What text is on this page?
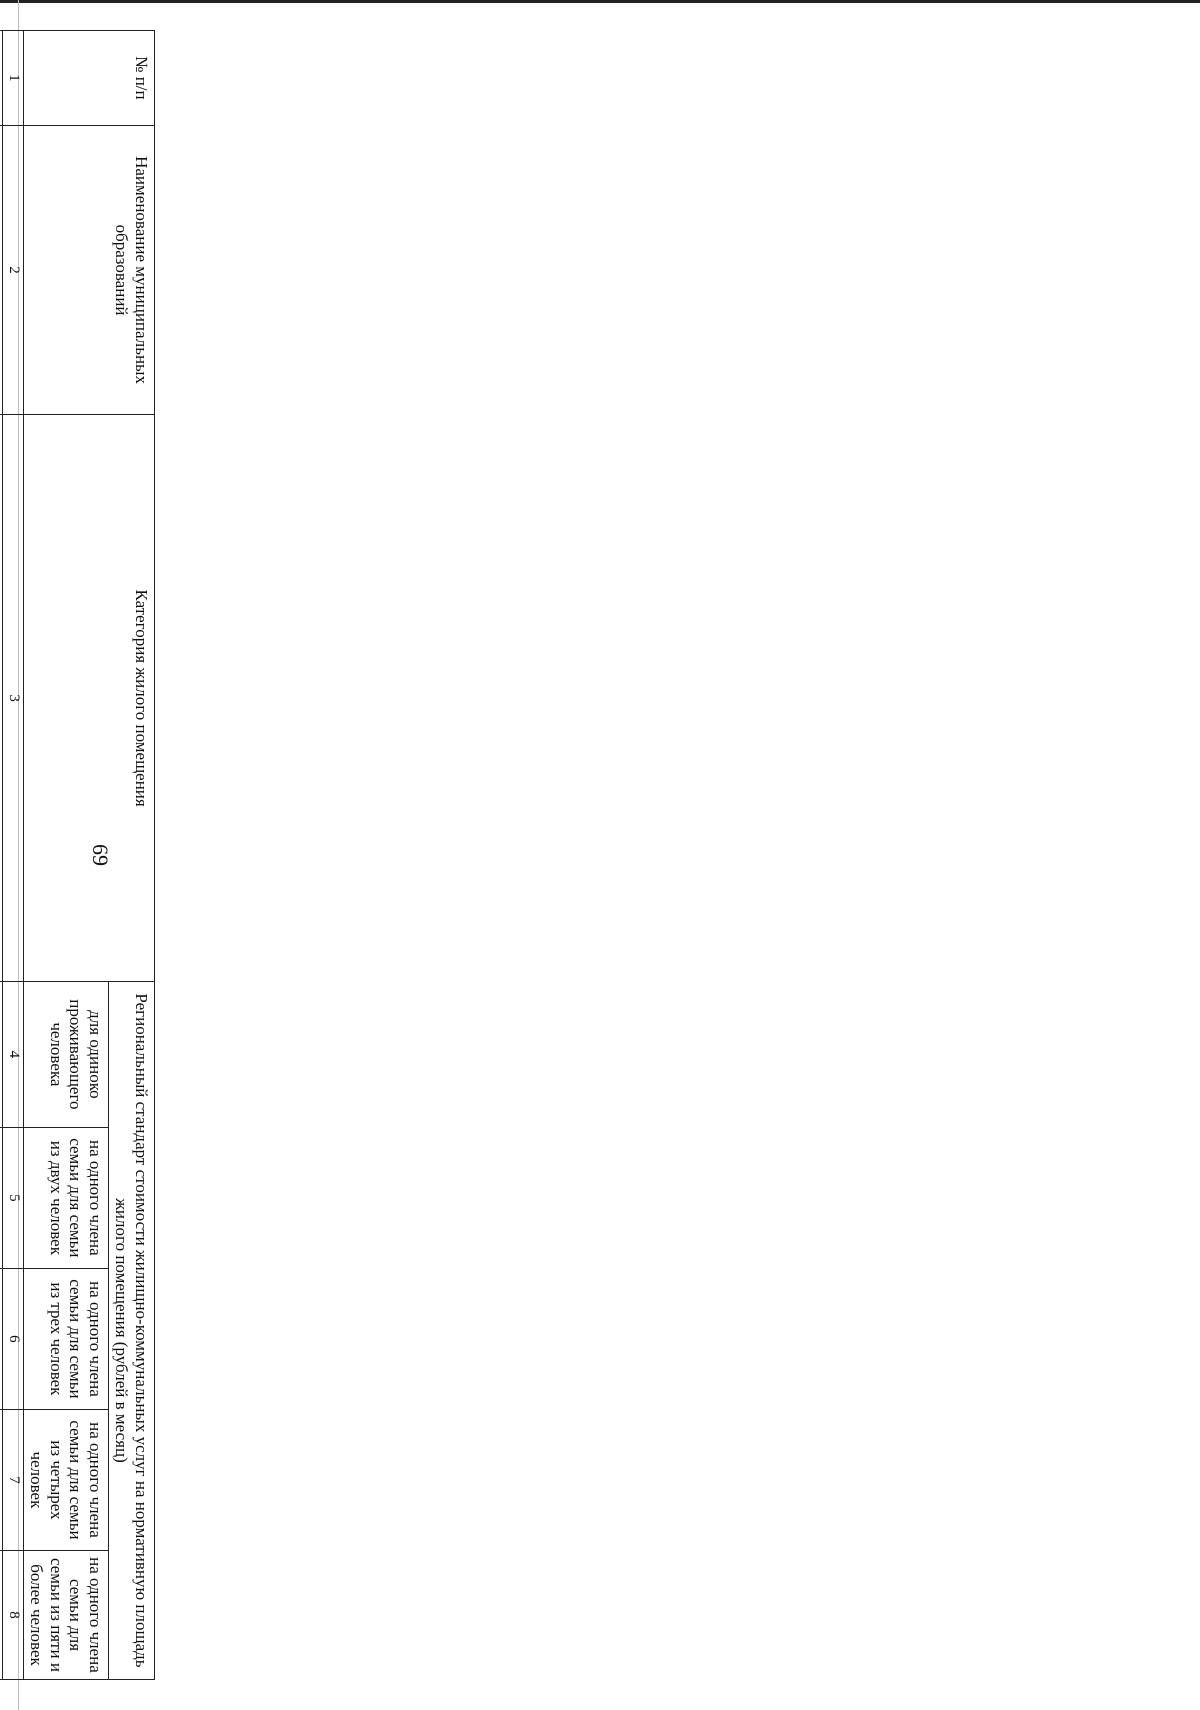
69
№ п/п	Наименование муниципальных образований	Категория жилого помещения	Региональный стандарт стоимости жилищно-коммунальных услуг на нормативную площадь жилого помещения (рублей в месяц)				
			для одиноко проживающего человека	на одного члена семьи для семьи из двух человек	на одного члена семьи для семьи из трех человек	на одного члена семьи для семьи из четырех человек	на одного члена семьи для семьи из пяти и более человек
1	2	3	4	5	6	7	8
